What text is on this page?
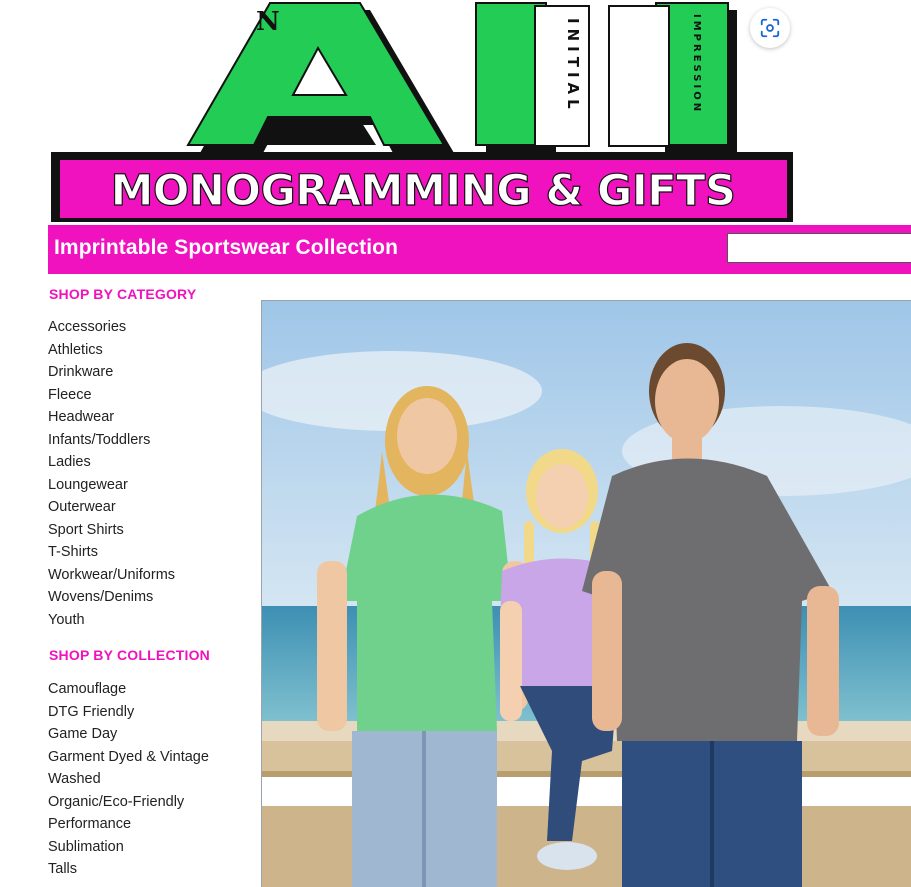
N	INITIAL	IMPRESSION
MONOGRAMMING & GIFTS
Imprintable Sportswear Collection
SHOP BY CATEGORY
Accessories
Athletics
Drinkware
Fleece
Headwear
Infants/Toddlers
Ladies
Loungewear
Outerwear
Sport Shirts
T-Shirts
Workwear/Uniforms
Wovens/Denims
Youth
SHOP BY COLLECTION
Camouflage
DTG Friendly
Game Day
Garment Dyed & Vintage
Washed
Organic/Eco-Friendly
Performance
Sublimation
Talls
